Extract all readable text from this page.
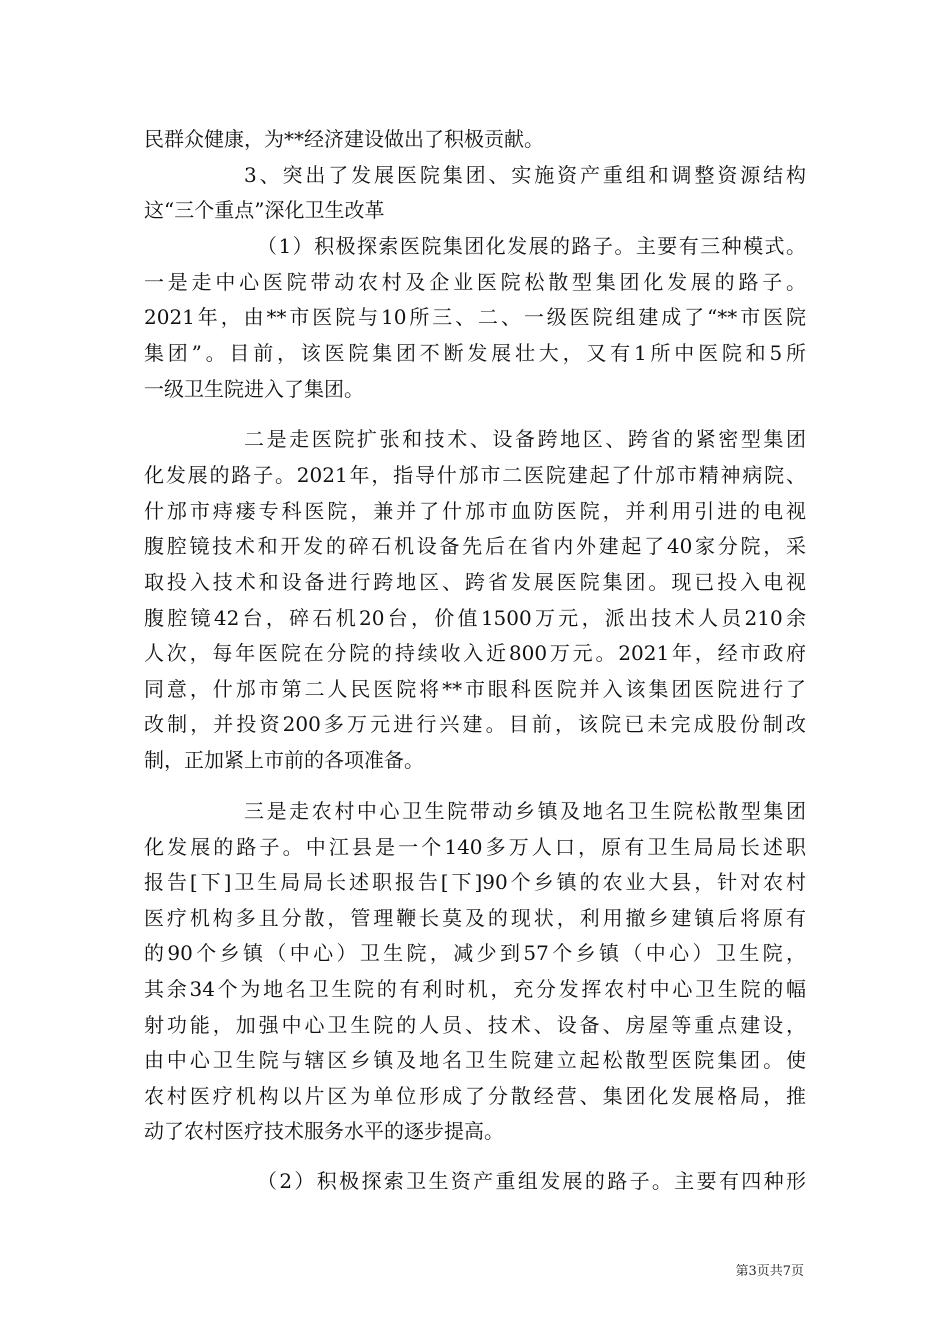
民群众健康，为**经济建设做出了积极贡献。
3、突出了发展医院集团、实施资产重组和调整资源结构
这“三个重点”深化卫生改革
（1）积极探索医院集团化发展的路子。主要有三种模式。
一是走中心医院带动农村及企业医院松散型集团化发展的路子。
2021年，由**市医院与10所三、二、一级医院组建成了“**市医院
集团”。目前，该医院集团不断发展壮大，又有1所中医院和5所
一级卫生院进入了集团。
二是走医院扩张和技术、设备跨地区、跨省的紧密型集团
化发展的路子。2021年，指导什邡市二医院建起了什邡市精神病院、
什邡市痔瘘专科医院，兼并了什邡市血防医院，并利用引进的电视
腹腔镜技术和开发的碎石机设备先后在省内外建起了40家分院，采
取投入技术和设备进行跨地区、跨省发展医院集团。现已投入电视
腹腔镜42台，碎石机20台，价值1500万元，派出技术人员210余
人次，每年医院在分院的持续收入近800万元。2021年，经市政府
同意，什邡市第二人民医院将**市眼科医院并入该集团医院进行了
改制，并投资200多万元进行兴建。目前，该院已未完成股份制改
制，正加紧上市前的各项准备。
三是走农村中心卫生院带动乡镇及地名卫生院松散型集团
化发展的路子。中江县是一个140多万人口，原有卫生局局长述职
报告[下]卫生局局长述职报告[下]90个乡镇的农业大县，针对农村
医疗机构多且分散，管理鞭长莫及的现状，利用撤乡建镇后将原有
的90个乡镇（中心）卫生院，减少到57个乡镇（中心）卫生院，
其余34个为地名卫生院的有利时机，充分发挥农村中心卫生院的幅
射功能，加强中心卫生院的人员、技术、设备、房屋等重点建设，
由中心卫生院与辖区乡镇及地名卫生院建立起松散型医院集团。使
农村医疗机构以片区为单位形成了分散经营、集团化发展格局，推
动了农村医疗技术服务水平的逐步提高。
（2）积极探索卫生资产重组发展的路子。主要有四种形
第3页共7页
